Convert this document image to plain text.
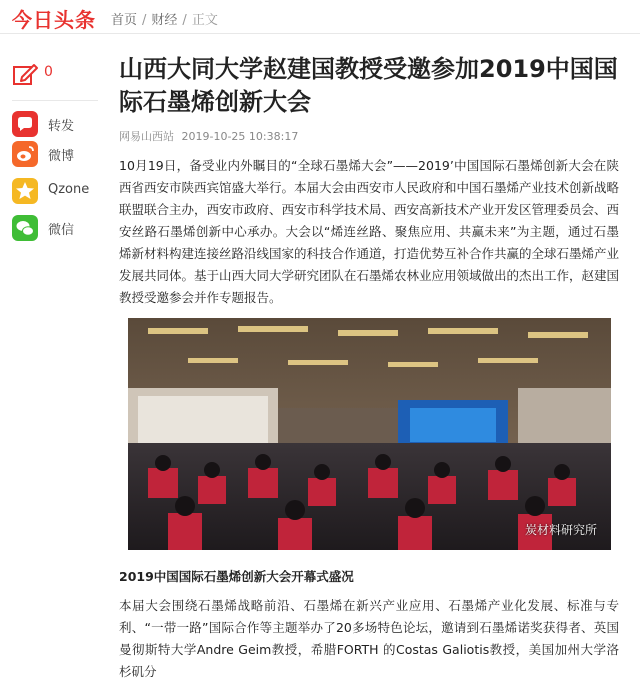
今日头条 首页 / 财经 / 正文
0
转发
微博
Qzone
微信
山西大同大学赵建国教授受邀参加2019中国国际石墨烯创新大会
网易山西站 2019-10-25 10:38:17

10月19日，备受业内外瞩目的“全球石墨烯大会”——2019’中国国际石墨烯创新大会在陕西省西安市陕西宾馆盛大举行。本届大会由西安市人民政府和中国石墨烯产业技术创新战略联盟联合主办，西安市政府、西安市科学技术局、西安高新技术产业开发区管理委员会、西安丝路石墨烯创新中心承办。大会以“烯连丝路、聚焦应用、共赢未来”为主题，通过石墨烯新材料构建连接丝路沿线国家的科技合作通道，打造优势互补合作共赢的全球石墨烯产业发展共同体。基于山西大同大学研究团队在石墨烯农林业应用领域做出的杰出工作，赵建国教授受邀参会并作专题报告。

炭材料研究所
2019中国国际石墨烯创新大会开幕式盛况

本届大会围绕石墨烯战略前沿、石墨烯在新兴产业应用、石墨烯产业化发展、标准与专利、“一带一路”国际合作等主题举办了20多场特色论坛，邀请到石墨烯诺奖获得者、英国曼彻斯特大学Andre Geim教授，希腊FORTH 的Costas Galiotis教授，美国加州大学洛杉矶分
